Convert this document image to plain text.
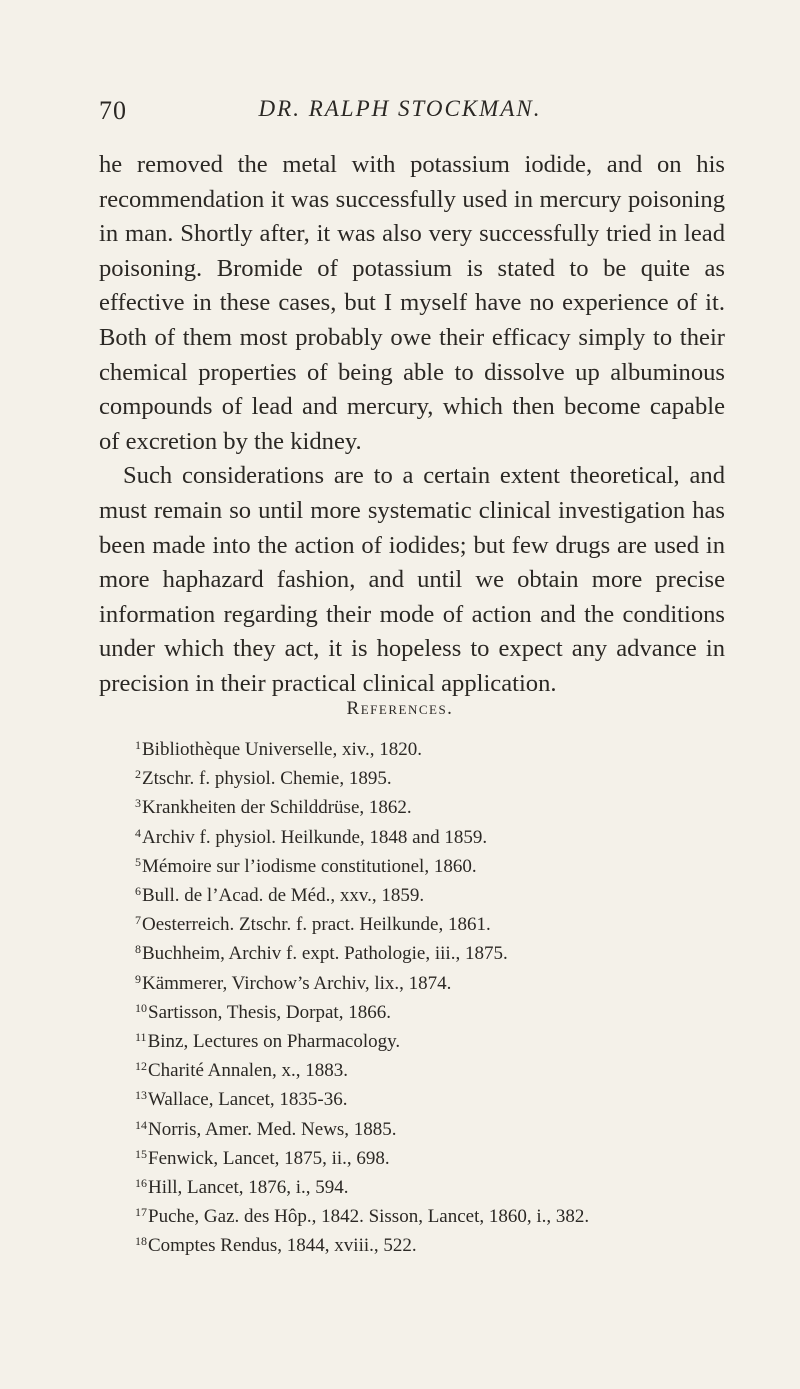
70	DR. RALPH STOCKMAN.

he removed the metal with potassium iodide, and on his recommendation it was successfully used in mercury poisoning in man. Shortly after, it was also very successfully tried in lead poisoning. Bromide of potassium is stated to be quite as effective in these cases, but I myself have no experience of it. Both of them most probably owe their efficacy simply to their chemical properties of being able to dissolve up albuminous compounds of lead and mercury, which then become capable of excretion by the kidney.

Such considerations are to a certain extent theoretical, and must remain so until more systematic clinical investigation has been made into the action of iodides; but few drugs are used in more haphazard fashion, and until we obtain more precise information regarding their mode of action and the conditions under which they act, it is hopeless to expect any advance in precision in their practical clinical application.

References.
$^1$Bibliothèque Universelle, xiv., 1820.
$^2$Ztschr. f. physiol. Chemie, 1895.
$^3$Krankheiten der Schilddrüse, 1862.
$^4$Archiv f. physiol. Heilkunde, 1848 and 1859.
$^5$Mémoire sur l’iodisme constitutionel, 1860.
$^6$Bull. de l’Acad. de Méd., xxv., 1859.
$^7$Oesterreich. Ztschr. f. pract. Heilkunde, 1861.
$^8$Buchheim, Archiv f. expt. Pathologie, iii., 1875.
$^9$Kämmerer, Virchow’s Archiv, lix., 1874.
$^{10}$Sartisson, Thesis, Dorpat, 1866.
$^{11}$Binz, Lectures on Pharmacology.
$^{12}$Charité Annalen, x., 1883.
$^{13}$Wallace, Lancet, 1835-36.
$^{14}$Norris, Amer. Med. News, 1885.
$^{15}$Fenwick, Lancet, 1875, ii., 698.
$^{16}$Hill, Lancet, 1876, i., 594.
$^{17}$Puche, Gaz. des Hôp., 1842. Sisson, Lancet, 1860, i., 382.
$^{18}$Comptes Rendus, 1844, xviii., 522.
